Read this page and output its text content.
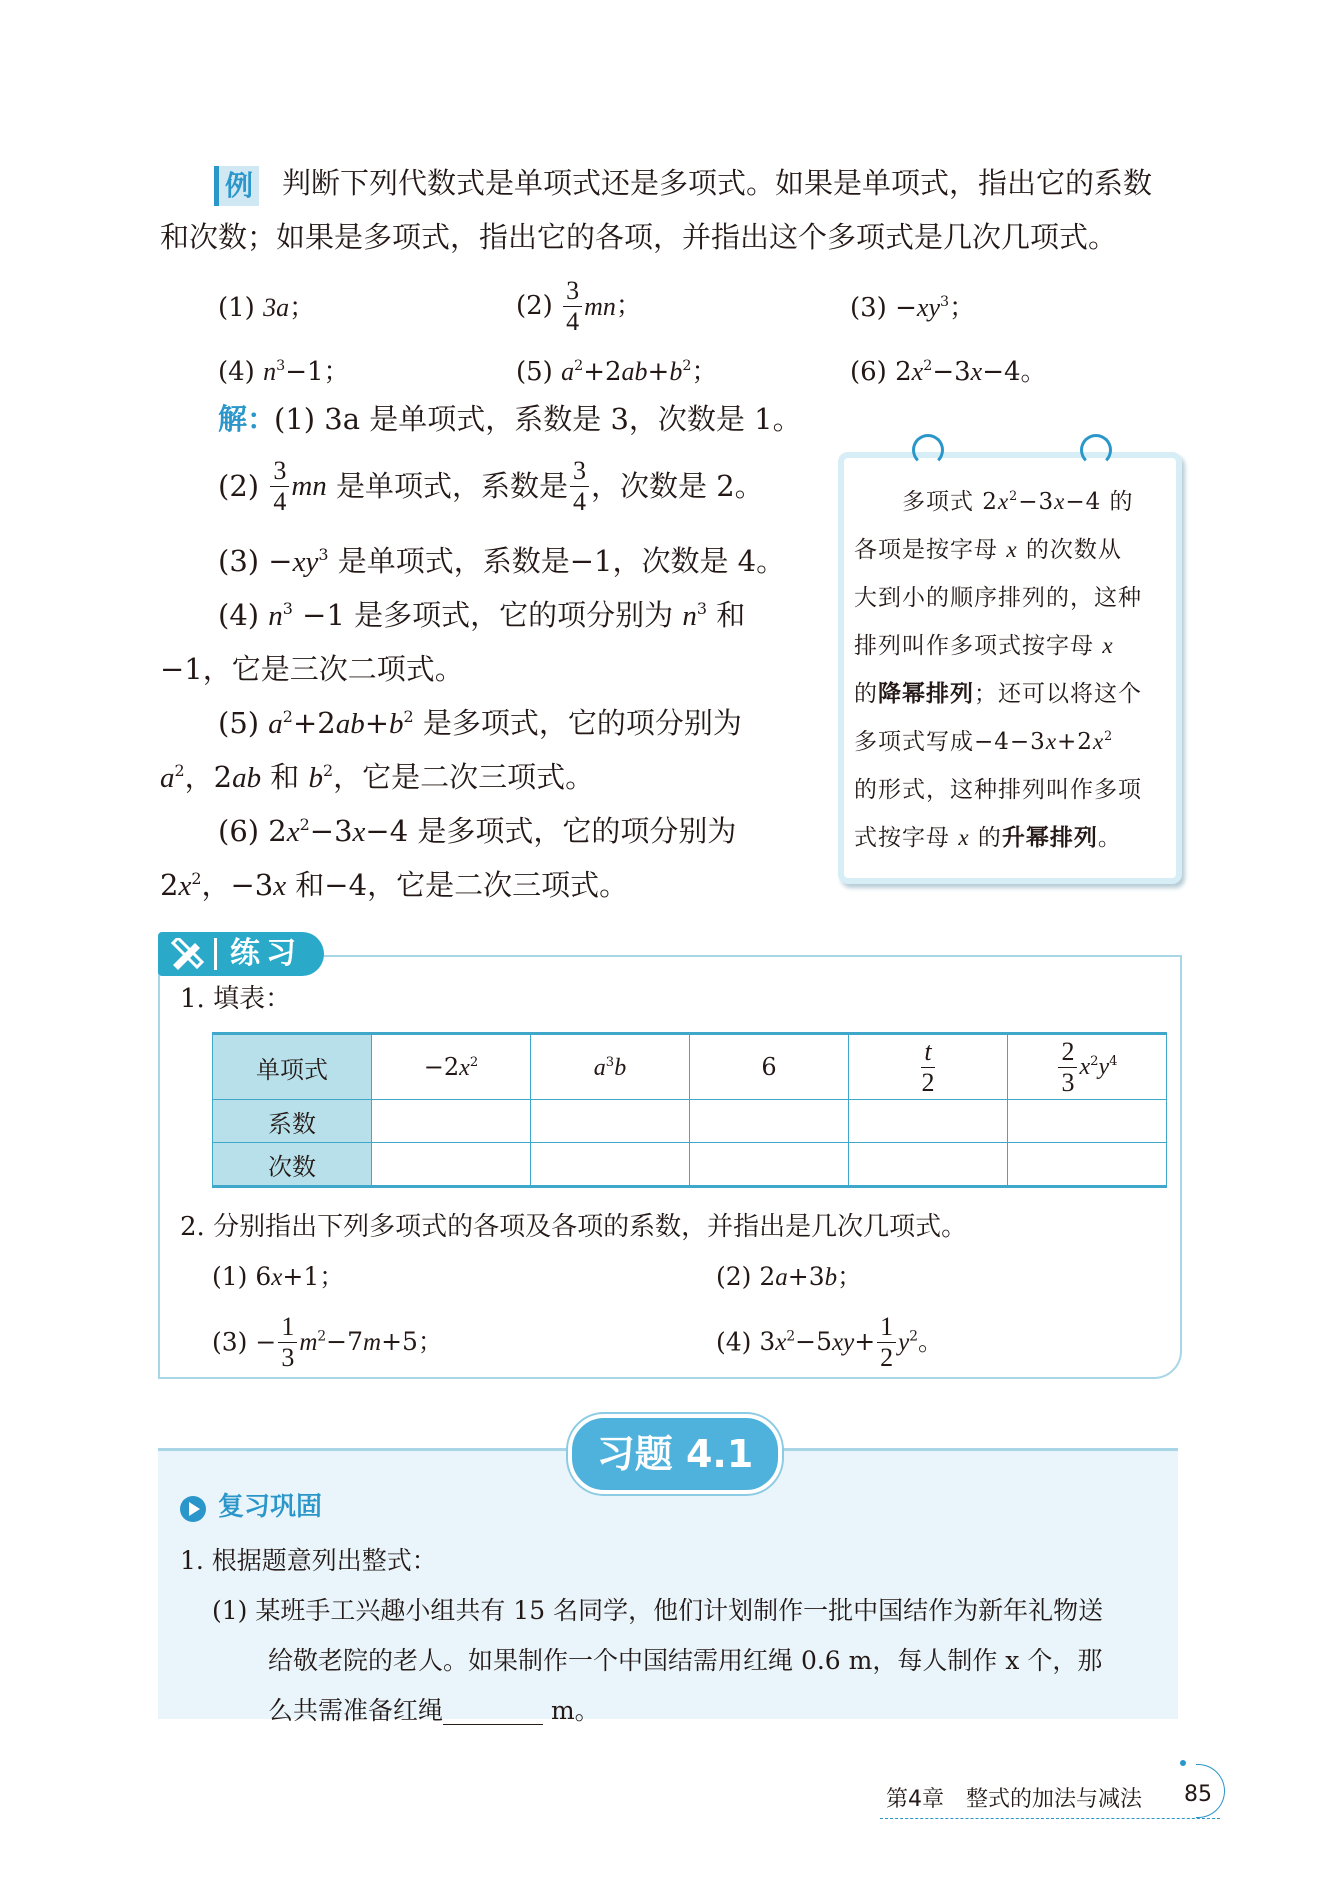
例 判断下列代数式是单项式还是多项式。如果是单项式，指出它的系数
和次数；如果是多项式，指出它的各项，并指出这个多项式是几次几项式。
(1) 3a；	$(2) \frac{3}{4}$ mn；	$(3) -xy^3$；
(4) $n^3-1$；	(5) $a^2+2ab+b^2$；	(6) $2x^2-3x-4$。
解：
(1) 3a 是单项式，系数是 3，次数是 1。
$(2) \frac{3}{4}$ mn 是单项式，系数是 $\frac{3}{4}$ ，次数是 2。
$(3) -xy^3$ 是单项式，系数是−1，次数是 4。
(4) $n^3 -1$ 是多项式，它的项分别为 $n^3$ 和
−1，它是三次二项式。
(5) $a^2+2ab+b^2$ 是多项式，它的项分别为
$a^2$，2ab 和 $b^2$，它是二次三项式。
(6) $2x^2-3x-4$ 是多项式，它的项分别为
$2x^2$，−3x 和−4，它是二次三项式。
多项式 $2x^2-3x-4$ 的
各项是按字母 x 的次数从
大到小的顺序排列的，这种
排列叫作多项式按字母 x
的降幂排列；还可以将这个
多项式写成$-4-3x+2x^2$
的形式，这种排列叫作多项
式按字母 x 的升幂排列。
练习
1. 填表：
单项式	$-2x^2$	$a^3b$	6	$\frac{t}{2}$	$\frac{2}{3} x^2y^4$
系数					
次数					
2. 分别指出下列多项式的各项及各项的系数，并指出是几次几项式。
(1) 6x+1；	(2) 2a+3b；
$(3) - \frac{1}{3} m^2-7m+5$；	(4) $3x^2-5xy+ \frac{1}{2} y^2$。
习题 4.1
复习巩固
1. 根据题意列出整式：
(1) 某班手工兴趣小组共有 15 名同学，他们计划制作一批中国结作为新年礼物送
给敬老院的老人。如果制作一个中国结需用红绳 0.6 m，每人制作 x 个，那
么共需准备红绳________ m。
第4章　整式的加法与减法 85
